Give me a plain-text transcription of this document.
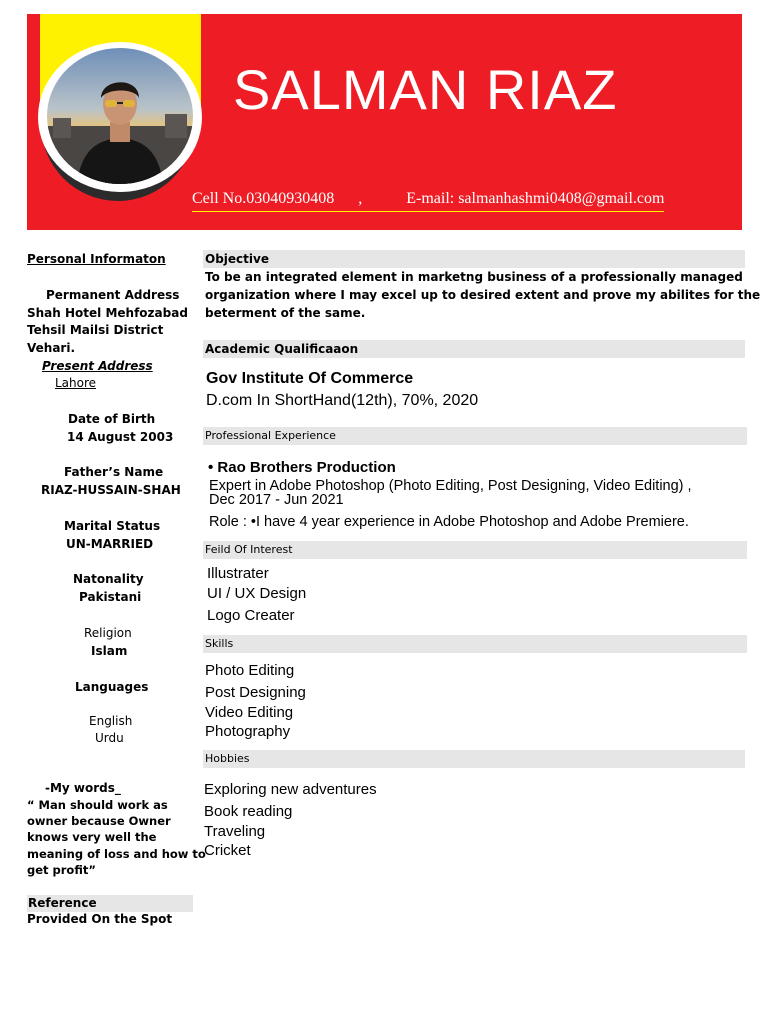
SALMAN RIAZ
Cell No.03040930408      ,           E-mail: salmanhashmi0408@gmail.com
Personal Informaton
Permanent Address
Shah Hotel Mehfozabad
Tehsil Mailsi District
Vehari.
Present Address
Lahore
Date of Birth
14 August 2003
Father’s Name
RIAZ-HUSSAIN-SHAH
Marital Status
UN-MARRIED
Natonality
Pakistani
Religion
Islam
Languages
English
Urdu
-My words_
“ Man should work as
owner because Owner
knows very well the
meaning of loss and how to
get profit”
Reference
Provided On the Spot
Objective
To be an integrated element in marketng business of a professionally managed
organization where I may excel up to desired extent and prove my abilites for the
beterment of the same.
Academic Qualificaaon
Gov Institute Of Commerce
D.com In ShortHand(12th), 70%, 2020
Professional Experience
• Rao Brothers Production
Expert in Adobe Photoshop (Photo Editing, Post Designing, Video Editing) ,
Dec 2017 - Jun 2021
Role : •I have 4 year experience in Adobe Photoshop and Adobe Premiere.
Feild Of Interest
Illustrater
UI / UX Design
Logo Creater
Skills
Photo Editing
Post Designing
Video Editing
Photography
Hobbies
Exploring new adventures
Book reading
Traveling
Cricket
